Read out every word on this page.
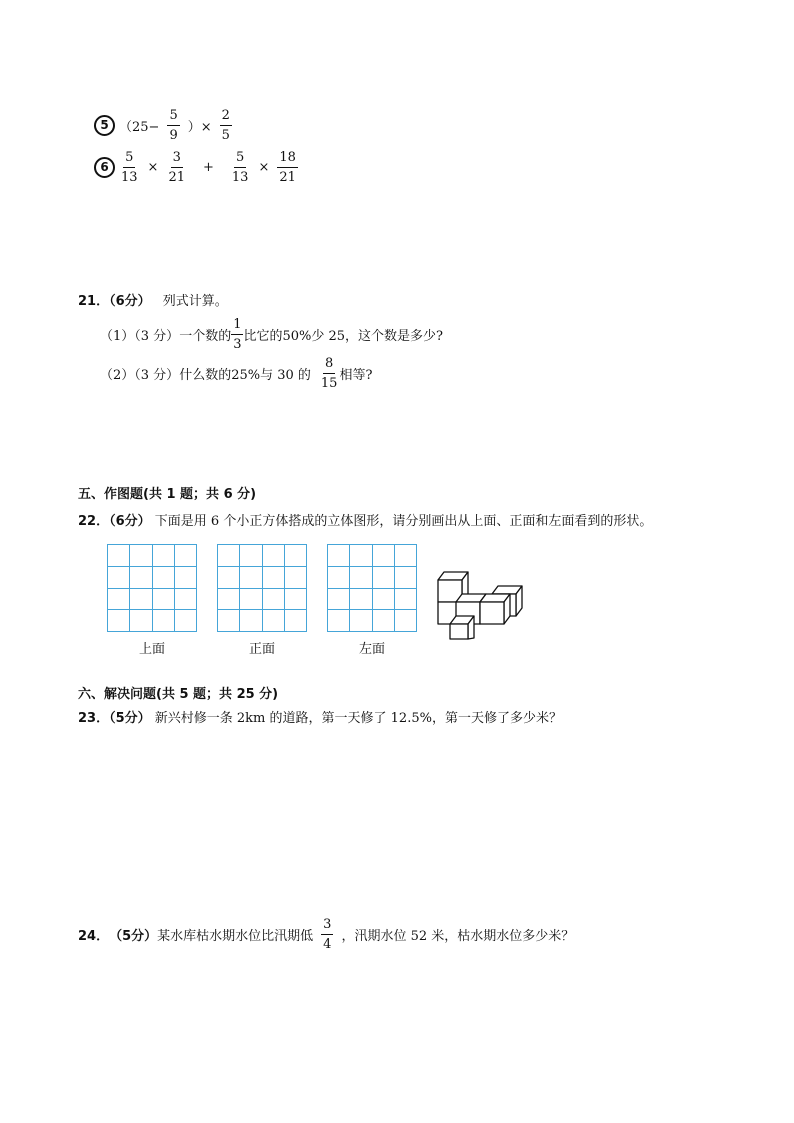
5 （$25- \frac{5}{9}$ ）× $\frac{2}{5}$
$6 \frac{5}{13} \times \frac{3}{21} + \frac{5}{13} \times \frac{18}{21}$
21．（6分） 列式计算。
（1）（3 分） 一个数的 $\frac{1}{3}$ 比它的50%少 25，这个数是多少?
（2）（3 分） 什么数的25%与 30 的 $\frac{8}{15}$ 相等?
五、作图题(共 1 题；共 6 分)
22．（6分） 下面是用 6 个小正方体搭成的立体图形，请分别画出从上面、正面和左面看到的形状。
上面	正面	左面
六、解决问题(共 5 题；共 25 分)
23．（5分） 新兴村修一条 2km 的道路，第一天修了 12.5%，第一天修了多少米？
24． （5分） 某水库枯水期水位比汛期低 $\frac{3}{4}$ ，汛期水位 52 米，枯水期水位多少米？
